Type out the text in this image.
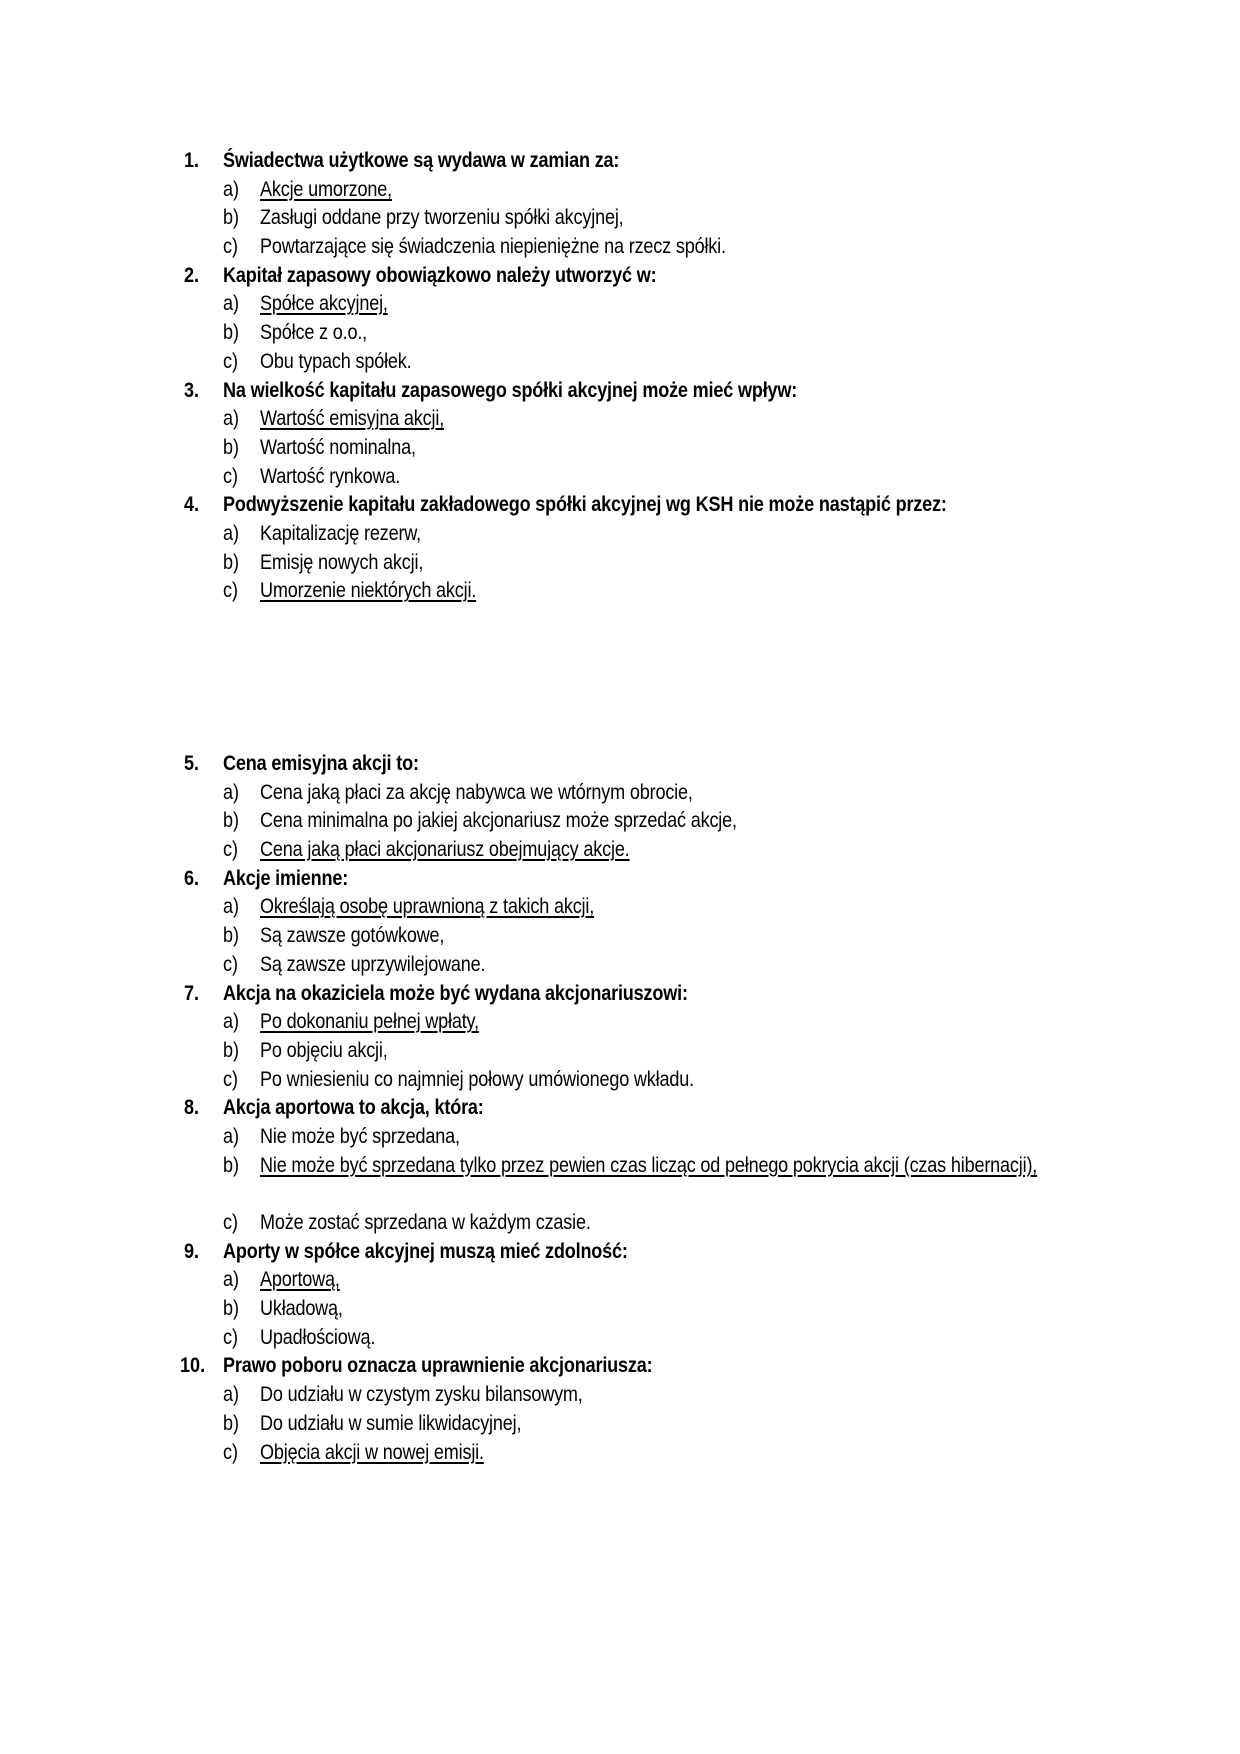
1. Świadectwa użytkowe są wydawa w zamian za:
a) Akcje umorzone,
b) Zasługi oddane przy tworzeniu spółki akcyjnej,
c) Powtarzające się świadczenia niepieniężne na rzecz spółki.
2. Kapitał zapasowy obowiązkowo należy utworzyć w:
a) Spółce akcyjnej,
b) Spółce z o.o.,
c) Obu typach spółek.
3. Na wielkość kapitału zapasowego spółki akcyjnej może mieć wpływ:
a) Wartość emisyjna akcji,
b) Wartość nominalna,
c) Wartość rynkowa.
4. Podwyższenie kapitału zakładowego spółki akcyjnej wg KSH nie może nastąpić przez:
a) Kapitalizację rezerw,
b) Emisję nowych akcji,
c) Umorzenie niektórych akcji.
5. Cena emisyjna akcji to:
a) Cena jaką płaci za akcję nabywca we wtórnym obrocie,
b) Cena minimalna po jakiej akcjonariusz może sprzedać akcje,
c) Cena jaką płaci akcjonariusz obejmujący akcje.
6. Akcje imienne:
a) Określają osobę uprawnioną z takich akcji,
b) Są zawsze gotówkowe,
c) Są zawsze uprzywilejowane.
7. Akcja na okaziciela może być wydana akcjonariuszowi:
a) Po dokonaniu pełnej wpłaty,
b) Po objęciu akcji,
c) Po wniesieniu co najmniej połowy umówionego wkładu.
8. Akcja aportowa to akcja, która:
a) Nie może być sprzedana,
b) Nie może być sprzedana tylko przez pewien czas licząc od pełnego pokrycia akcji (czas hibernacji),
c) Może zostać sprzedana w każdym czasie.
9. Aporty w spółce akcyjnej muszą mieć zdolność:
a) Aportową,
b) Układową,
c) Upadłościową.
10. Prawo poboru oznacza uprawnienie akcjonariusza:
a) Do udziału w czystym zysku bilansowym,
b) Do udziału w sumie likwidacyjnej,
c) Objęcia akcji w nowej emisji.
